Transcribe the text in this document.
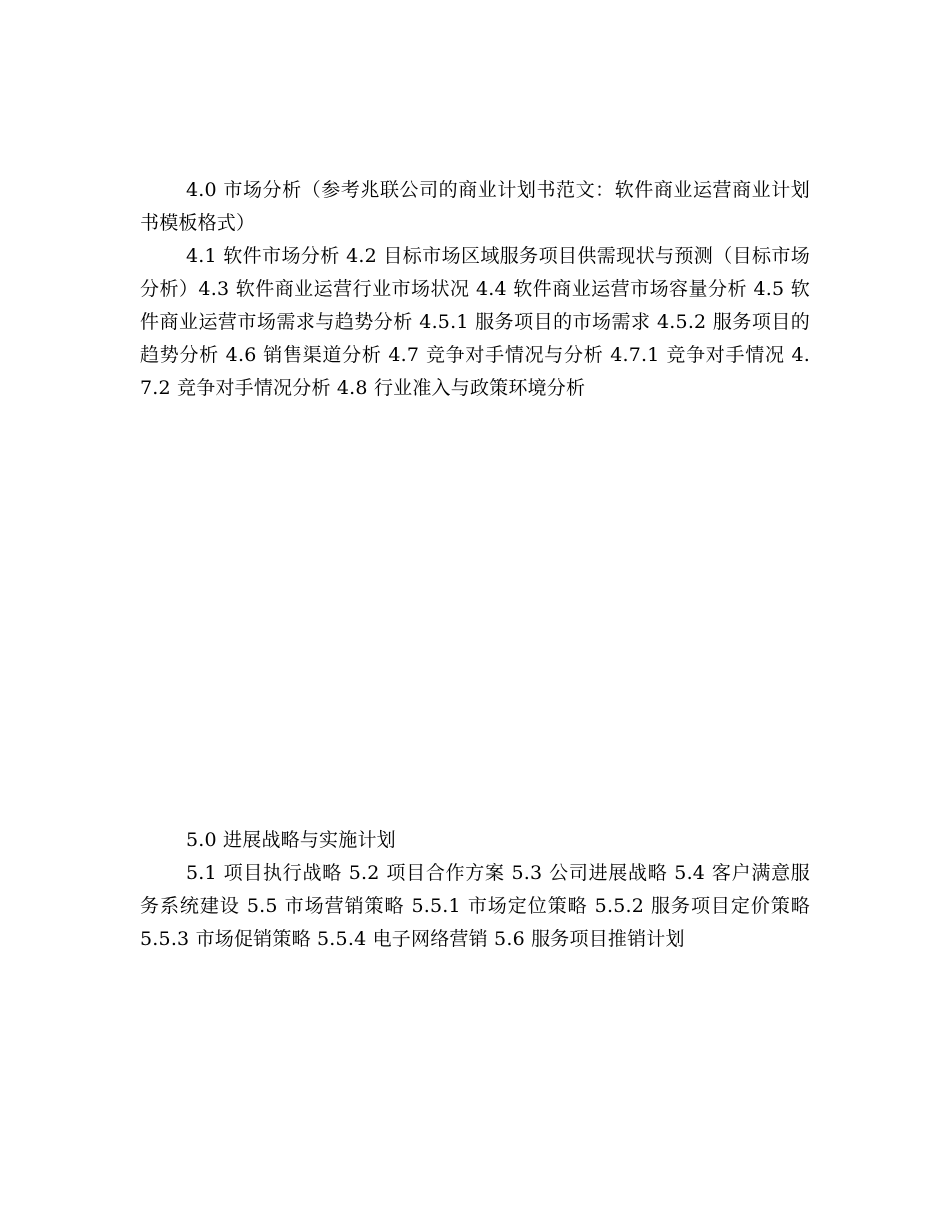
4.0 市场分析（参考兆联公司的商业计划书范文：软件商业运营商业计划书模板格式）

4.1 软件市场分析 4.2 目标市场区域服务项目供需现状与预测（目标市场分析）4.3 软件商业运营行业市场状况 4.4 软件商业运营市场容量分析 4.5 软件商业运营市场需求与趋势分析 4.5.1 服务项目的市场需求 4.5.2 服务项目的趋势分析 4.6 销售渠道分析 4.7 竞争对手情况与分析 4.7.1 竞争对手情况 4.7.2 竞争对手情况分析 4.8 行业准入与政策环境分析

5.0 进展战略与实施计划

5.1 项目执行战略 5.2 项目合作方案 5.3 公司进展战略 5.4 客户满意服务系统建设 5.5 市场营销策略 5.5.1 市场定位策略 5.5.2 服务项目定价策略 5.5.3 市场促销策略 5.5.4 电子网络营销 5.6 服务项目推销计划
